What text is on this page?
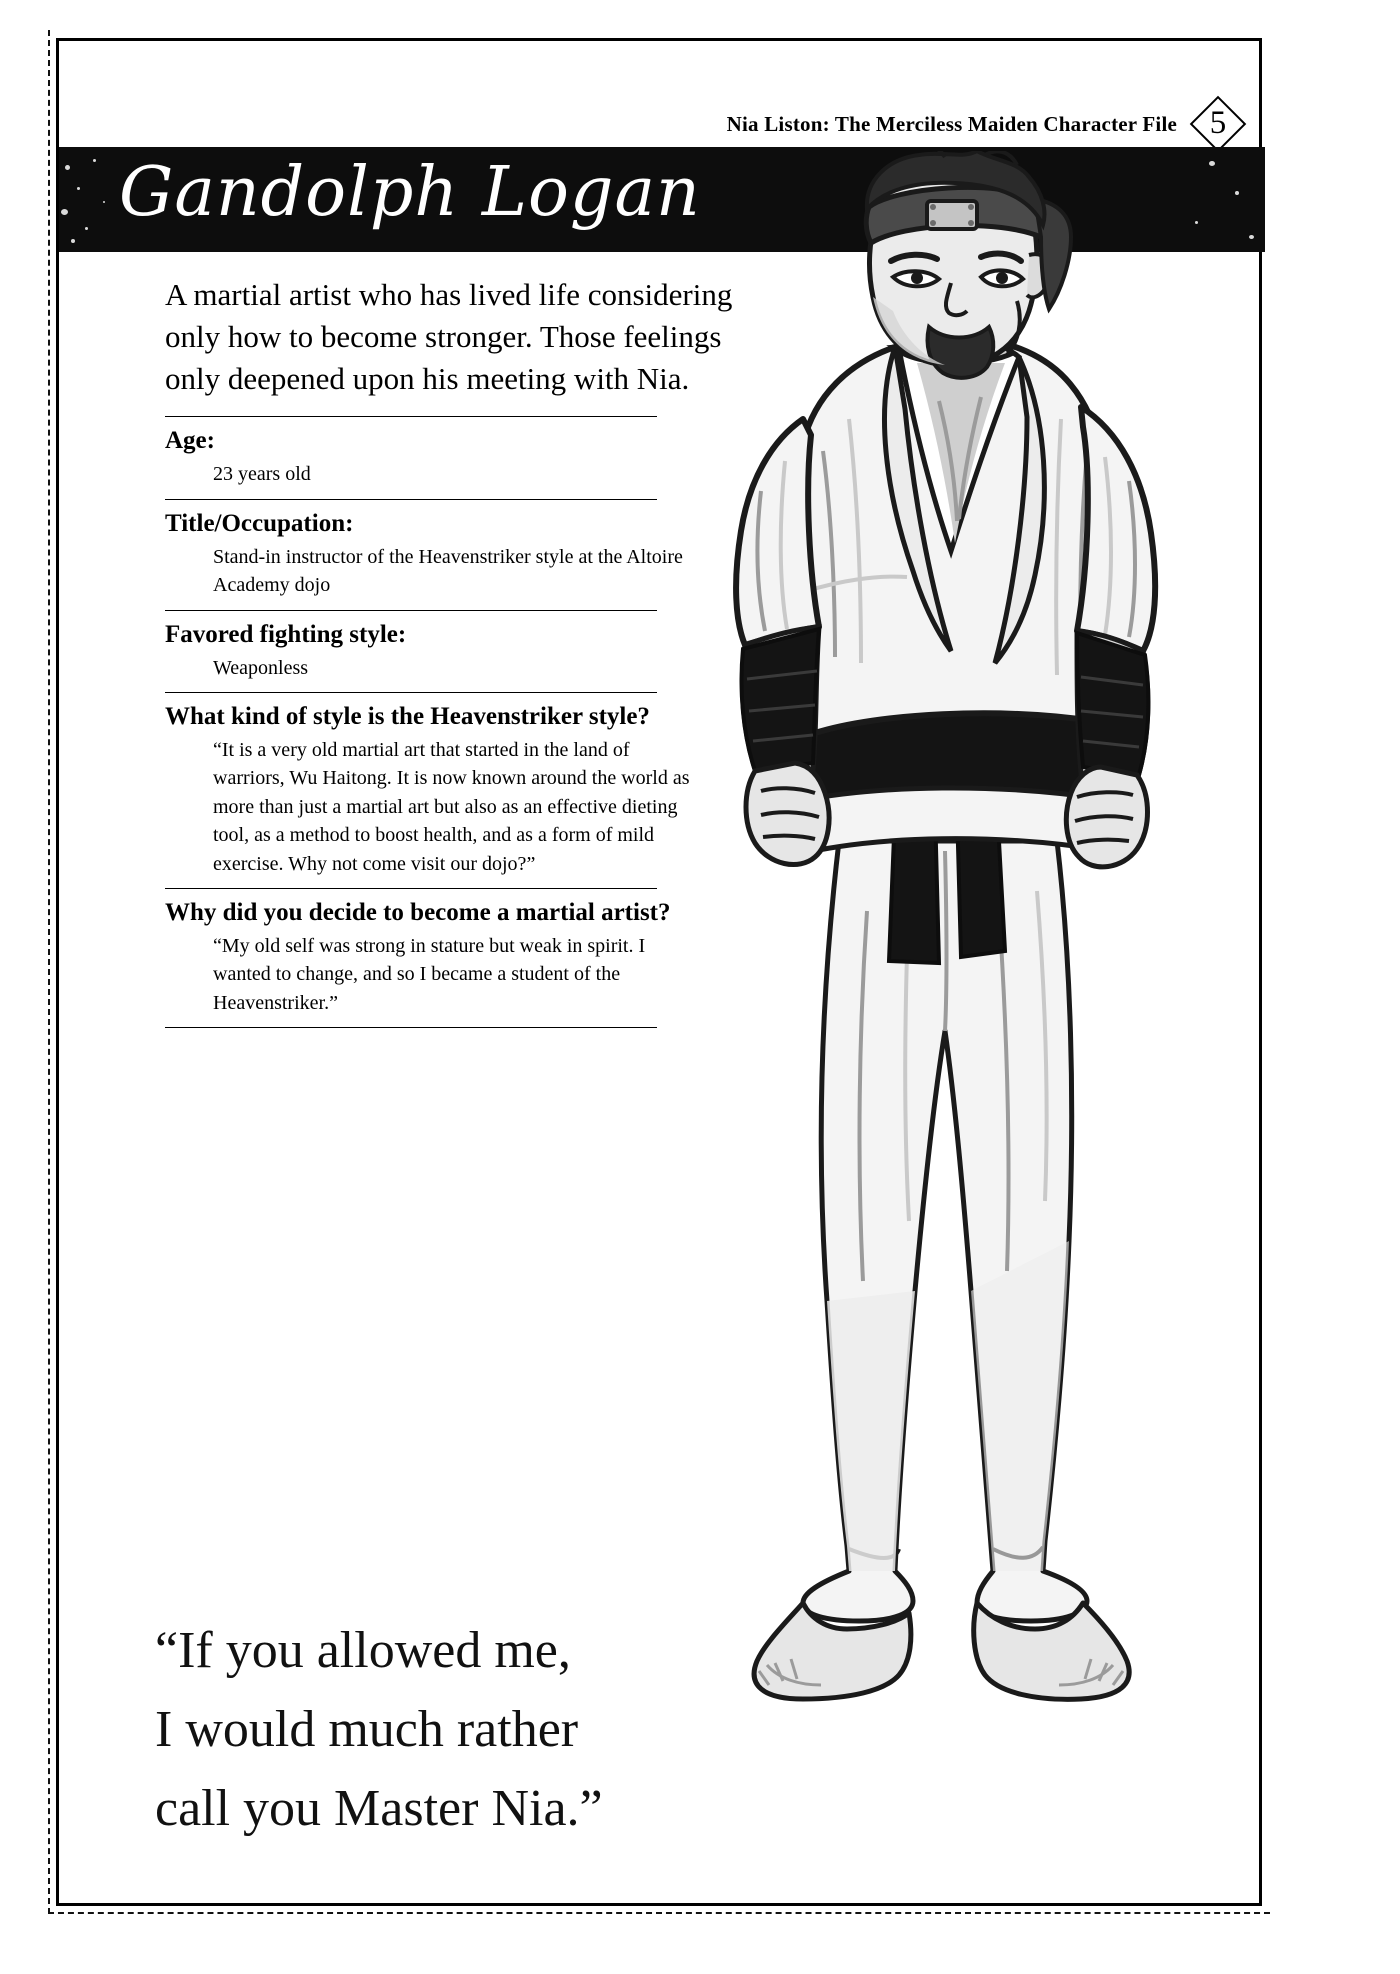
Nia Liston: The Merciless Maiden Character File 5
Gandolph Logan

A martial artist who has lived life considering only how to become stronger. Those feelings only deepened upon his meeting with Nia.

Age:

23 years old

Title/Occupation:

Stand-in instructor of the Heavenstriker style at the Altoire Academy dojo

Favored fighting style:

Weaponless

What kind of style is the Heavenstriker style?

“It is a very old martial art that started in the land of warriors, Wu Haitong. It is now known around the world as more than just a martial art but also as an effective dieting tool, as a method to boost health, and as a form of mild exercise. Why not come visit our dojo?”

Why did you decide to become a martial artist?

“My old self was strong in stature but weak in spirit. I wanted to change, and so I became a student of the Heavenstriker.”

“If you allowed me,
I would much rather
call you Master Nia.”
